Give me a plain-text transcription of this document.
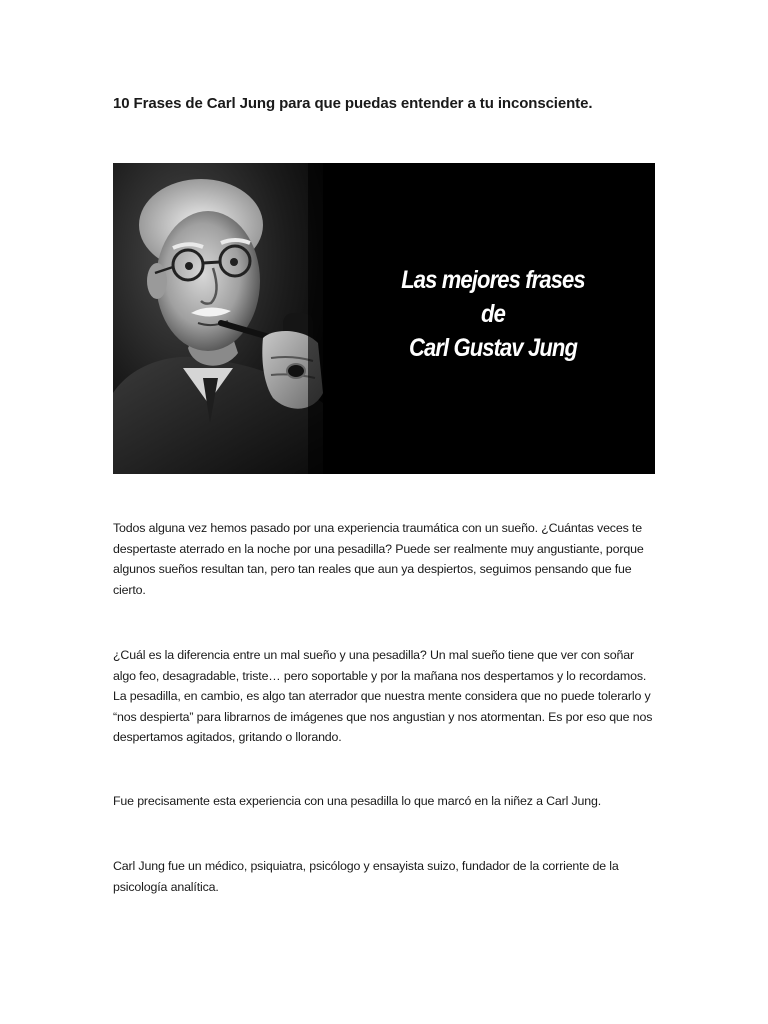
10 Frases de Carl Jung para que puedas entender a tu inconsciente.
Las mejores frases
de
Carl Gustav Jung
Todos alguna vez hemos pasado por una experiencia traumática con un sueño. ¿Cuántas veces te despertaste aterrado en la noche por una pesadilla? Puede ser realmente muy angustiante, porque algunos sueños resultan tan, pero tan reales que aun ya despiertos, seguimos pensando que fue cierto.
¿Cuál es la diferencia entre un mal sueño y una pesadilla? Un mal sueño tiene que ver con soñar algo feo, desagradable, triste… pero soportable y por la mañana nos despertamos y lo recordamos. La pesadilla, en cambio, es algo tan aterrador que nuestra mente considera que no puede tolerarlo y “nos despierta” para librarnos de imágenes que nos angustian y nos atormentan. Es por eso que nos despertamos agitados, gritando o llorando.
Fue precisamente esta experiencia con una pesadilla lo que marcó en la niñez a Carl Jung.
Carl Jung fue un médico, psiquiatra, psicólogo y ensayista suizo, fundador de la corriente de la psicología analítica.
